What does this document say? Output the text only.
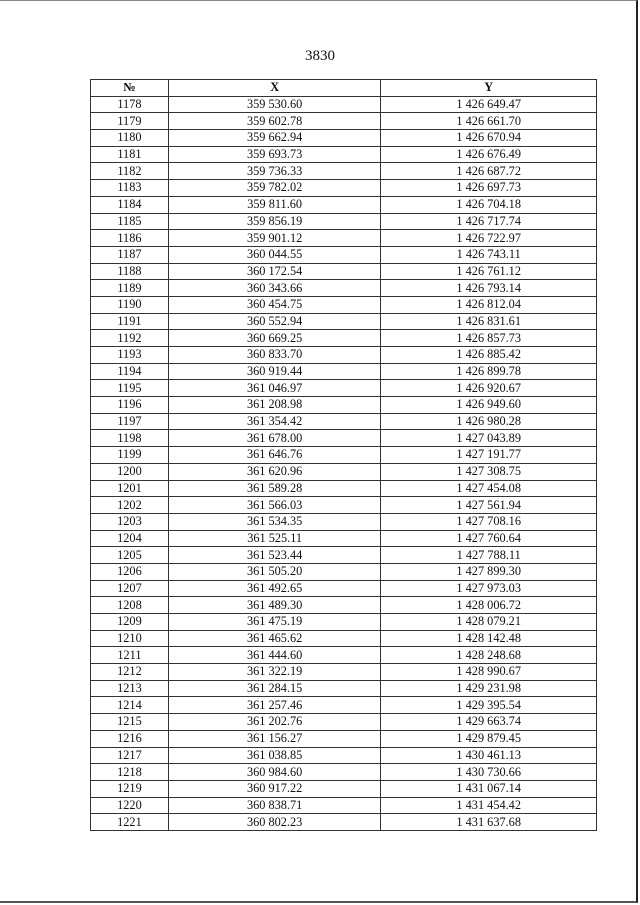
3830
№	X	Y
1178	359 530.60	1 426 649.47
1179	359 602.78	1 426 661.70
1180	359 662.94	1 426 670.94
1181	359 693.73	1 426 676.49
1182	359 736.33	1 426 687.72
1183	359 782.02	1 426 697.73
1184	359 811.60	1 426 704.18
1185	359 856.19	1 426 717.74
1186	359 901.12	1 426 722.97
1187	360 044.55	1 426 743.11
1188	360 172.54	1 426 761.12
1189	360 343.66	1 426 793.14
1190	360 454.75	1 426 812.04
1191	360 552.94	1 426 831.61
1192	360 669.25	1 426 857.73
1193	360 833.70	1 426 885.42
1194	360 919.44	1 426 899.78
1195	361 046.97	1 426 920.67
1196	361 208.98	1 426 949.60
1197	361 354.42	1 426 980.28
1198	361 678.00	1 427 043.89
1199	361 646.76	1 427 191.77
1200	361 620.96	1 427 308.75
1201	361 589.28	1 427 454.08
1202	361 566.03	1 427 561.94
1203	361 534.35	1 427 708.16
1204	361 525.11	1 427 760.64
1205	361 523.44	1 427 788.11
1206	361 505.20	1 427 899.30
1207	361 492.65	1 427 973.03
1208	361 489.30	1 428 006.72
1209	361 475.19	1 428 079.21
1210	361 465.62	1 428 142.48
1211	361 444.60	1 428 248.68
1212	361 322.19	1 428 990.67
1213	361 284.15	1 429 231.98
1214	361 257.46	1 429 395.54
1215	361 202.76	1 429 663.74
1216	361 156.27	1 429 879.45
1217	361 038.85	1 430 461.13
1218	360 984.60	1 430 730.66
1219	360 917.22	1 431 067.14
1220	360 838.71	1 431 454.42
1221	360 802.23	1 431 637.68
